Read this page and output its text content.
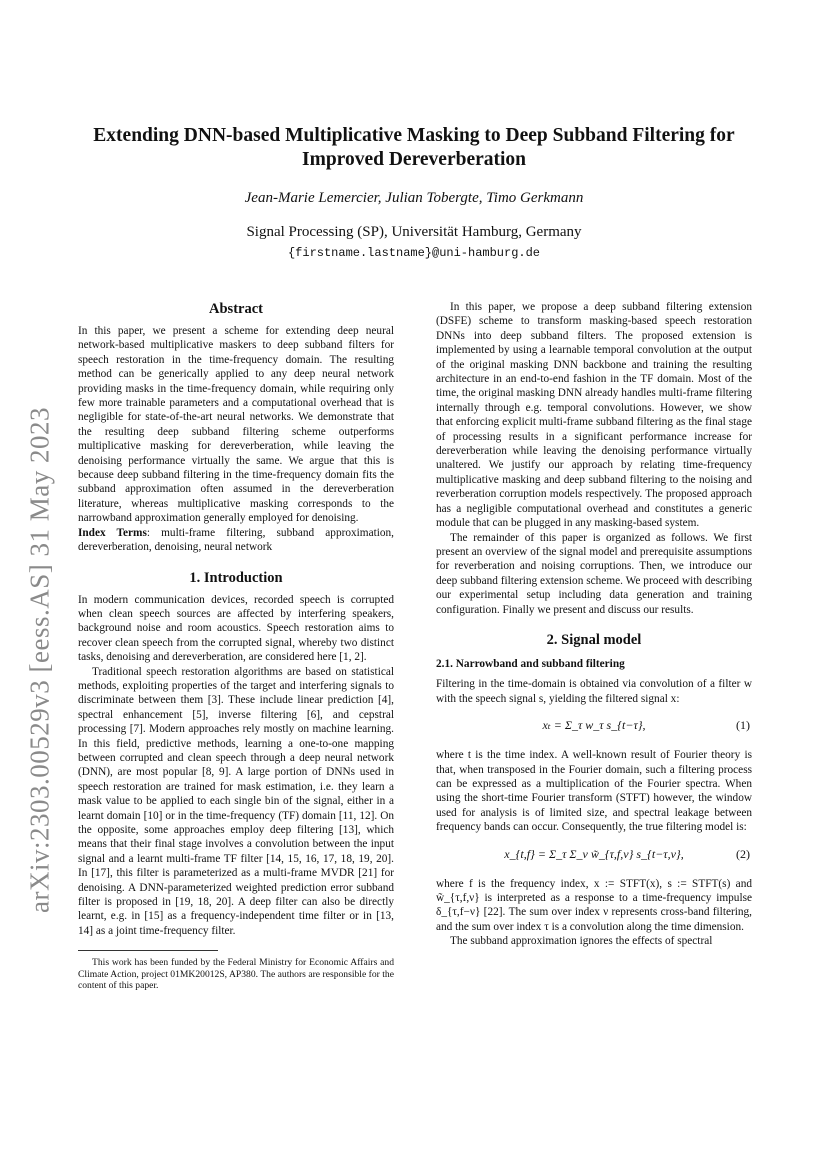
arXiv:2303.00529v3 [eess.AS] 31 May 2023
Extending DNN-based Multiplicative Masking to Deep Subband Filtering for
Improved Dereverberation
Jean-Marie Lemercier, Julian Tobergte, Timo Gerkmann
Signal Processing (SP), Universität Hamburg, Germany
{firstname.lastname}@uni-hamburg.de
Abstract

In this paper, we present a scheme for extending deep neural network-based multiplicative maskers to deep subband filters for speech restoration in the time-frequency domain. The resulting method can be generically applied to any deep neural network providing masks in the time-frequency domain, while requiring only few more trainable parameters and a computational overhead that is negligible for state-of-the-art neural networks. We demonstrate that the resulting deep subband filtering scheme outperforms multiplicative masking for dereverberation, while leaving the denoising performance virtually the same. We argue that this is because deep subband filtering in the time-frequency domain fits the subband approximation often assumed in the dereverberation literature, whereas multiplicative masking corresponds to the narrowband approximation generally employed for denoising.

Index Terms: multi-frame filtering, subband approximation, dereverberation, denoising, neural network

1. Introduction

In modern communication devices, recorded speech is corrupted when clean speech sources are affected by interfering speakers, background noise and room acoustics. Speech restoration aims to recover clean speech from the corrupted signal, whereby two distinct tasks, denoising and dereverberation, are considered here [1, 2].

Traditional speech restoration algorithms are based on statistical methods, exploiting properties of the target and interfering signals to discriminate between them [3]. These include linear prediction [4], spectral enhancement [5], inverse filtering [6], and cepstral processing [7]. Modern approaches rely mostly on machine learning. In this field, predictive methods, learning a one-to-one mapping between corrupted and clean speech through a deep neural network (DNN), are most popular [8, 9]. A large portion of DNNs used in speech restoration are trained for mask estimation, i.e. they learn a mask value to be applied to each single bin of the signal, either in a learnt domain [10] or in the time-frequency (TF) domain [11, 12]. On the opposite, some approaches employ deep filtering [13], which means that their final stage involves a convolution between the input signal and a learnt multi-frame TF filter [14, 15, 16, 17, 18, 19, 20]. In [17], this filter is parameterized as a multi-frame MVDR [21] for denoising. A DNN-parameterized weighted prediction error subband filter is proposed in [19, 18, 20]. A deep filter can also be directly learnt, e.g. in [15] as a frequency-independent time filter or in [13, 14] as a joint time-frequency filter.

This work has been funded by the Federal Ministry for Economic Affairs and Climate Action, project 01MK20012S, AP380. The authors are responsible for the content of this paper.

In this paper, we propose a deep subband filtering extension (DSFE) scheme to transform masking-based speech restoration DNNs into deep subband filters. The proposed extension is implemented by using a learnable temporal convolution at the output of the original masking DNN backbone and training the resulting architecture in an end-to-end fashion in the TF domain. Most of the time, the original masking DNN already handles multi-frame filtering internally through e.g. temporal convolutions. However, we show that enforcing explicit multi-frame subband filtering as the final stage of processing results in a significant performance increase for dereverberation while leaving the denoising performance virtually unaltered. We justify our approach by relating time-frequency multiplicative masking and deep subband filtering to the noising and reverberation corruption models respectively. The proposed approach has a negligible computational overhead and constitutes a generic module that can be plugged in any masking-based system.

The remainder of this paper is organized as follows. We first present an overview of the signal model and prerequisite assumptions for reverberation and noising corruptions. Then, we introduce our deep subband filtering extension scheme. We proceed with describing our experimental setup including data generation and training configuration. Finally we present and discuss our results.

2. Signal model
2.1. Narrowband and subband filtering

Filtering in the time-domain is obtained via convolution of a filter w with the speech signal s, yielding the filtered signal x:

xₜ = Σ_τ w_τ s_{t−τ},	(1)

where t is the time index. A well-known result of Fourier theory is that, when transposed in the Fourier domain, such a filtering process can be expressed as a multiplication of the Fourier spectra. When using the short-time Fourier transform (STFT) however, the window used for analysis is of limited size, and spectral leakage between frequency bands can occur. Consequently, the true filtering model is:

x_{t,f} = Σ_τ Σ_ν w̃_{τ,f,ν} s_{t−τ,ν},	(2)

where f is the frequency index, x := STFT(x), s := STFT(s) and w̃_{τ,f,ν} is interpreted as a response to a time-frequency impulse δ_{τ,f−ν} [22]. The sum over index ν represents cross-band filtering, and the sum over index τ is a convolution along the time dimension.

The subband approximation ignores the effects of spectral
